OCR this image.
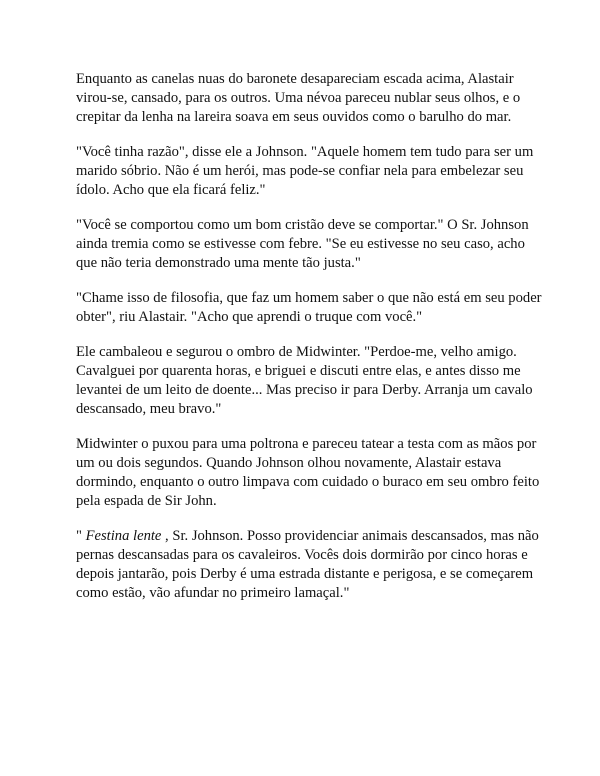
Enquanto as canelas nuas do baronete desapareciam escada acima, Alastair virou-se, cansado, para os outros. Uma névoa pareceu nublar seus olhos, e o crepitar da lenha na lareira soava em seus ouvidos como o barulho do mar.

"Você tinha razão", disse ele a Johnson. "Aquele homem tem tudo para ser um marido sóbrio. Não é um herói, mas pode-se confiar nela para embelezar seu ídolo. Acho que ela ficará feliz."

"Você se comportou como um bom cristão deve se comportar." O Sr. Johnson ainda tremia como se estivesse com febre. "Se eu estivesse no seu caso, acho que não teria demonstrado uma mente tão justa."

"Chame isso de filosofia, que faz um homem saber o que não está em seu poder obter", riu Alastair. "Acho que aprendi o truque com você."

Ele cambaleou e segurou o ombro de Midwinter. "Perdoe-me, velho amigo. Cavalguei por quarenta horas, e briguei e discuti entre elas, e antes disso me levantei de um leito de doente... Mas preciso ir para Derby. Arranja um cavalo descansado, meu bravo."

Midwinter o puxou para uma poltrona e pareceu tatear a testa com as mãos por um ou dois segundos. Quando Johnson olhou novamente, Alastair estava dormindo, enquanto o outro limpava com cuidado o buraco em seu ombro feito pela espada de Sir John.

" Festina lente , Sr. Johnson. Posso providenciar animais descansados, mas não pernas descansadas para os cavaleiros. Vocês dois dormirão por cinco horas e depois jantarão, pois Derby é uma estrada distante e perigosa, e se começarem como estão, vão afundar no primeiro lamaçal."
